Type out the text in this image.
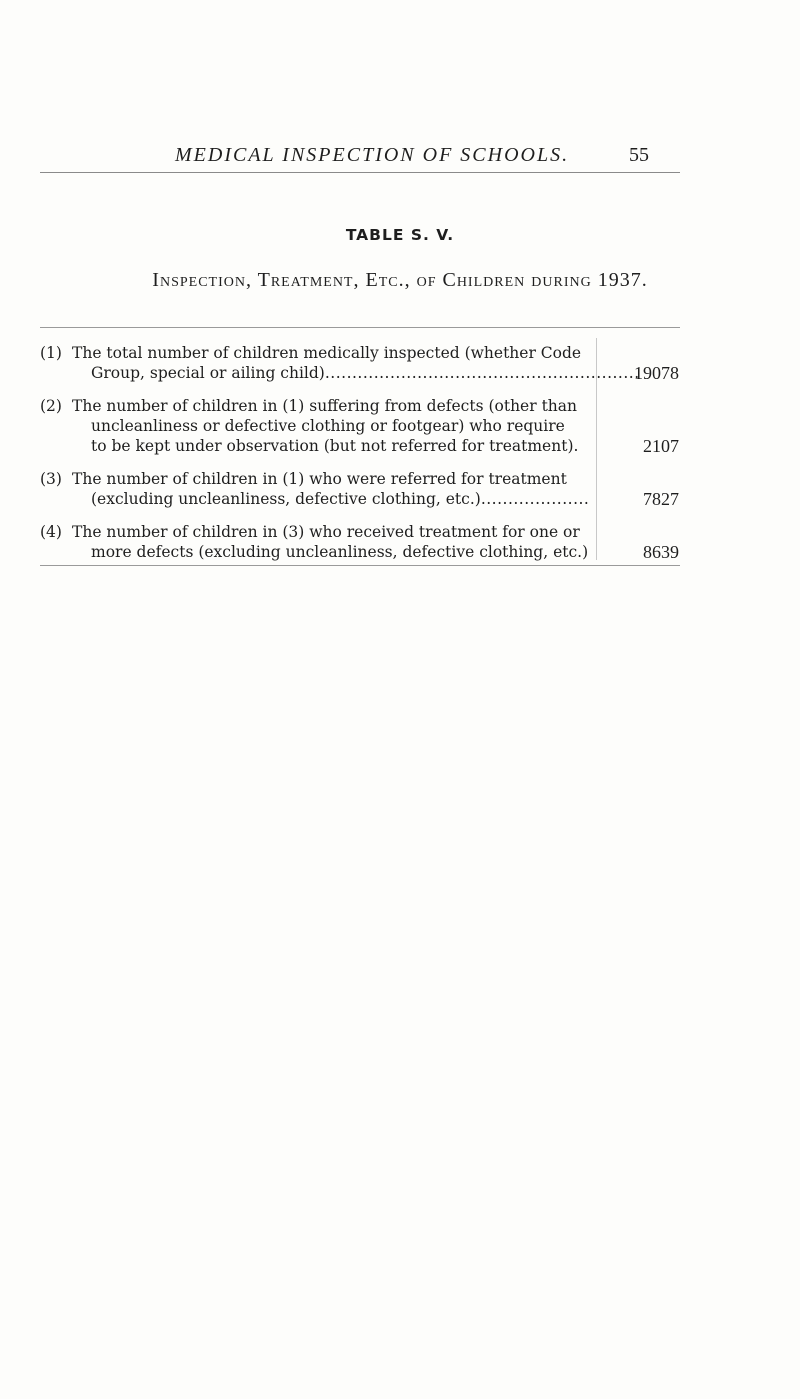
MEDICAL INSPECTION OF SCHOOLS.	55
TABLE S. V.
Inspection, Treatment, Etc., of Children during 1937.
(1) The total number of children medically inspected (whether Code
Group, special or ailing child)..........................................................
19078
(2) The number of children in (1) suffering from defects (other than
uncleanliness or defective clothing or footgear) who require
to be kept under observation (but not referred for treatment).	2107
(3) The number of children in (1) who were referred for treatment
(excluding uncleanliness, defective clothing, etc.)....................	7827
(4) The number of children in (3) who received treatment for one or
more defects (excluding uncleanliness, defective clothing, etc.)	8639
